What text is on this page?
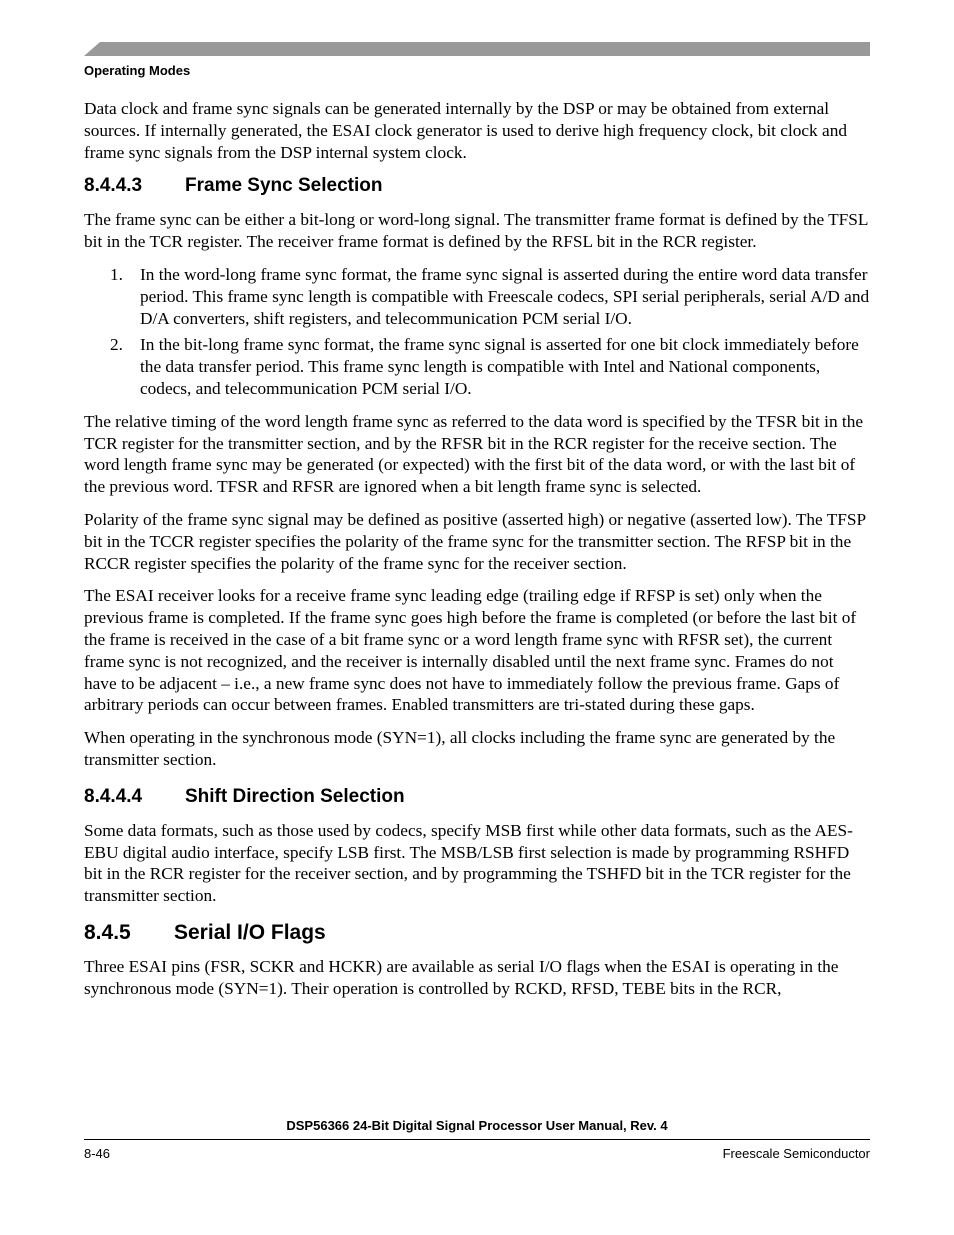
Operating Modes

Data clock and frame sync signals can be generated internally by the DSP or may be obtained from external sources. If internally generated, the ESAI clock generator is used to derive high frequency clock, bit clock and frame sync signals from the DSP internal system clock.

8.4.4.3	Frame Sync Selection

The frame sync can be either a bit-long or word-long signal. The transmitter frame format is defined by the TFSL bit in the TCR register. The receiver frame format is defined by the RFSL bit in the RCR register.

1. In the word-long frame sync format, the frame sync signal is asserted during the entire word data transfer period. This frame sync length is compatible with Freescale codecs, SPI serial peripherals, serial A/D and D/A converters, shift registers, and telecommunication PCM serial I/O.
2. In the bit-long frame sync format, the frame sync signal is asserted for one bit clock immediately before the data transfer period. This frame sync length is compatible with Intel and National components, codecs, and telecommunication PCM serial I/O.

The relative timing of the word length frame sync as referred to the data word is specified by the TFSR bit in the TCR register for the transmitter section, and by the RFSR bit in the RCR register for the receive section. The word length frame sync may be generated (or expected) with the first bit of the data word, or with the last bit of the previous word. TFSR and RFSR are ignored when a bit length frame sync is selected.

Polarity of the frame sync signal may be defined as positive (asserted high) or negative (asserted low). The TFSP bit in the TCCR register specifies the polarity of the frame sync for the transmitter section. The RFSP bit in the RCCR register specifies the polarity of the frame sync for the receiver section.

The ESAI receiver looks for a receive frame sync leading edge (trailing edge if RFSP is set) only when the previous frame is completed. If the frame sync goes high before the frame is completed (or before the last bit of the frame is received in the case of a bit frame sync or a word length frame sync with RFSR set), the current frame sync is not recognized, and the receiver is internally disabled until the next frame sync. Frames do not have to be adjacent – i.e., a new frame sync does not have to immediately follow the previous frame. Gaps of arbitrary periods can occur between frames. Enabled transmitters are tri-stated during these gaps.

When operating in the synchronous mode (SYN=1), all clocks including the frame sync are generated by the transmitter section.

8.4.4.4	Shift Direction Selection

Some data formats, such as those used by codecs, specify MSB first while other data formats, such as the AES-EBU digital audio interface, specify LSB first. The MSB/LSB first selection is made by programming RSHFD bit in the RCR register for the receiver section, and by programming the TSHFD bit in the TCR register for the transmitter section.

8.4.5	Serial I/O Flags

Three ESAI pins (FSR, SCKR and HCKR) are available as serial I/O flags when the ESAI is operating in the synchronous mode (SYN=1). Their operation is controlled by RCKD, RFSD, TEBE bits in the RCR,

DSP56366 24-Bit Digital Signal Processor User Manual, Rev. 4
8-46	Freescale Semiconductor
